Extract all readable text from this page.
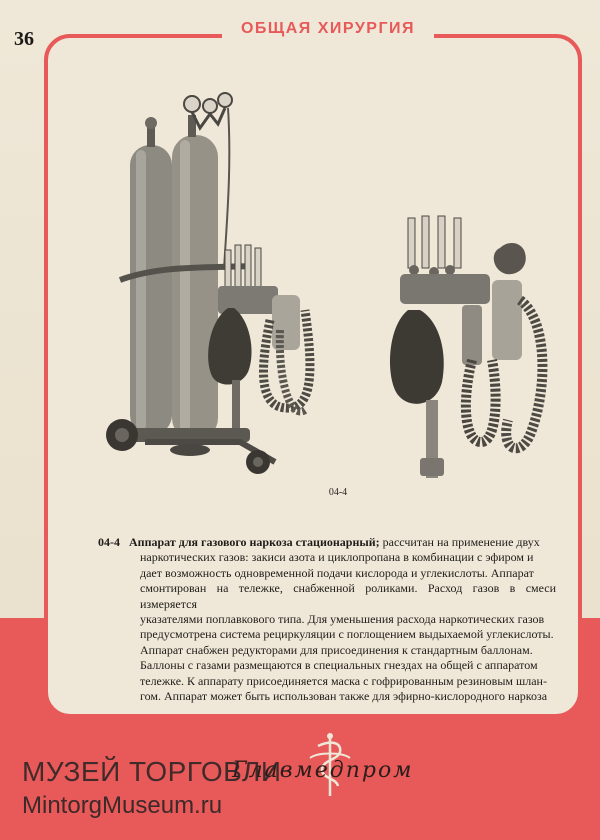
36	ОБЩАЯ ХИРУРГИЯ
04-4
04-4 Аппарат для газового наркоза стационарный; рассчитан на применение двух
наркотических газов: закиси азота и циклопропана в комбинации с эфиром и
дает возможность одновременной подачи кислорода и углекислоты. Аппарат
смонтирован на тележке, снабженной роликами. Расход газов в смеси измеряется
указателями поплавкового типа. Для уменьшения расхода наркотических газов
предусмотрена система рециркуляции с поглощением выдыхаемой углекислоты.
Аппарат снабжен редукторами для присоединения к стандартным баллонам.
Баллоны с газами размещаются в специальных гнездах на общей с аппаратом
тележке. К аппарату присоединяется маска с гофрированным резиновым шлан-
гом. Аппарат может быть использован также для эфирно-кислородного наркоза
Главмедпром
МУЗЕЙ ТОРГОВЛИ
MintorgMuseum.ru
